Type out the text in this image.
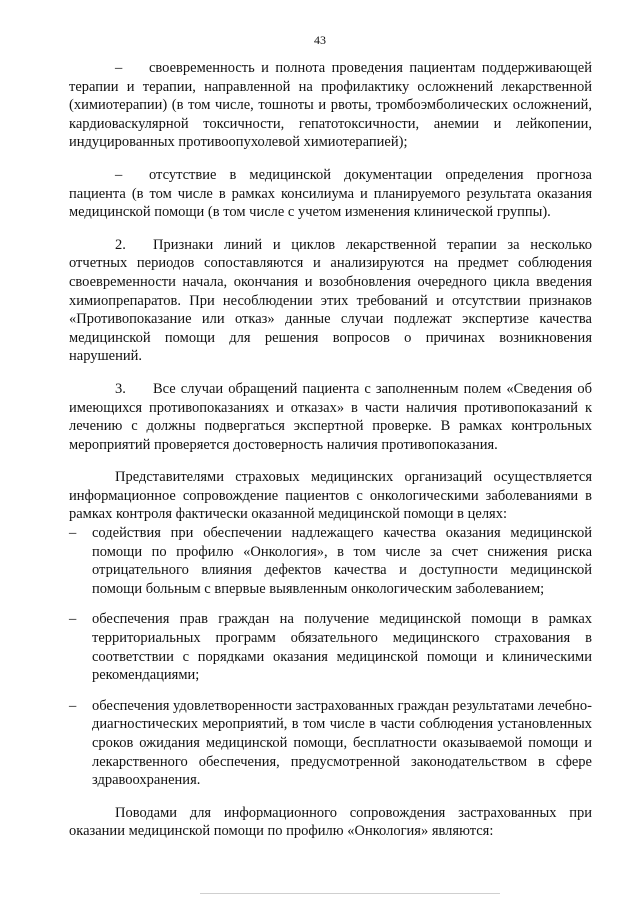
43

– своевременность и полнота проведения пациентам поддерживающей терапии и терапии, направленной на профилактику осложнений лекарственной (химиотерапии) (в том числе, тошноты и рвоты, тромбоэмболических осложнений, кардиоваскулярной токсичности, гепатотоксичности, анемии и лейкопении, индуцированных противоопухолевой химиотерапией);

– отсутствие в медицинской документации определения прогноза пациента (в том числе в рамках консилиума и планируемого результата оказания медицинской помощи (в том числе с учетом изменения клинической группы).

2. Признаки линий и циклов лекарственной терапии за несколько отчетных периодов сопоставляются и анализируются на предмет соблюдения своевременности начала, окончания и возобновления очередного цикла введения химиопрепаратов. При несоблюдении этих требований и отсутствии признаков «Противопоказание или отказ» данные случаи подлежат экспертизе качества медицинской помощи для решения вопросов о причинах возникновения нарушений.

3. Все случаи обращений пациента с заполненным полем «Сведения об имеющихся противопоказаниях и отказах» в части наличия противопоказаний к лечению с должны подвергаться экспертной проверке. В рамках контрольных мероприятий проверяется достоверность наличия противопоказания.

Представителями страховых медицинских организаций осуществляется информационное сопровождение пациентов с онкологическими заболеваниями в рамках контроля фактически оказанной медицинской помощи в целях:

– содействия при обеспечении надлежащего качества оказания медицинской помощи по профилю «Онкология», в том числе за счет снижения риска отрицательного влияния дефектов качества и доступности медицинской помощи больным с впервые выявленным онкологическим заболеванием;
– обеспечения прав граждан на получение медицинской помощи в рамках территориальных программ обязательного медицинского страхования в соответствии с порядками оказания медицинской помощи и клиническими рекомендациями;
– обеспечения удовлетворенности застрахованных граждан результатами лечебно-диагностических мероприятий, в том числе в части соблюдения установленных сроков ожидания медицинской помощи, бесплатности оказываемой помощи и лекарственного обеспечения, предусмотренной законодательством в сфере здравоохранения.

Поводами для информационного сопровождения застрахованных при оказании медицинской помощи по профилю «Онкология» являются:
